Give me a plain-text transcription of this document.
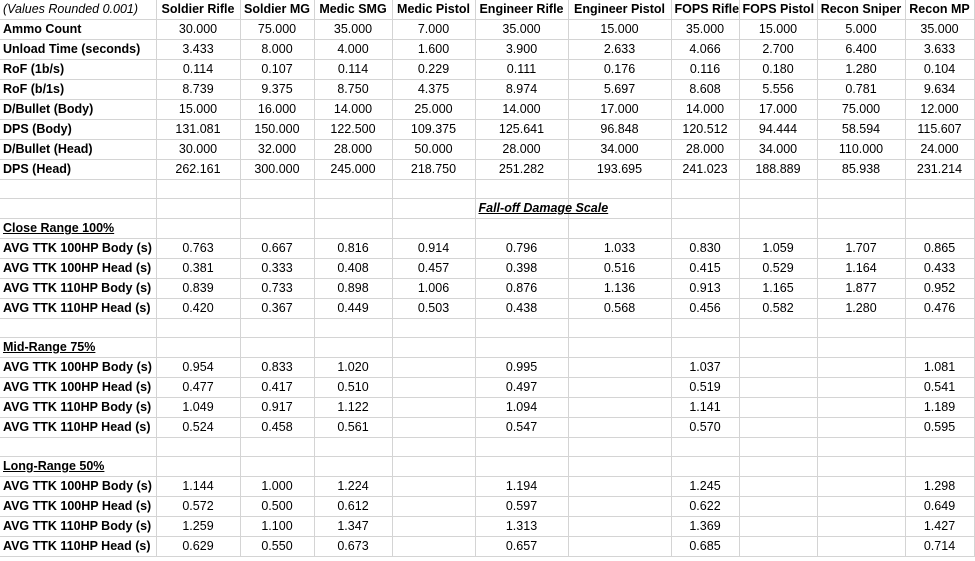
(Values Rounded 0.001)	Soldier Rifle	Soldier MG	Medic SMG	Medic Pistol	Engineer Rifle	Engineer Pistol	FOPS Rifle	FOPS Pistol	Recon Sniper	Recon MP
Ammo Count	30.000	75.000	35.000	7.000	35.000	15.000	35.000	15.000	5.000	35.000
Unload Time (seconds)	3.433	8.000	4.000	1.600	3.900	2.633	4.066	2.700	6.400	3.633
RoF (1b/s)	0.114	0.107	0.114	0.229	0.111	0.176	0.116	0.180	1.280	0.104
RoF (b/1s)	8.739	9.375	8.750	4.375	8.974	5.697	8.608	5.556	0.781	9.634
D/Bullet (Body)	15.000	16.000	14.000	25.000	14.000	17.000	14.000	17.000	75.000	12.000
DPS (Body)	131.081	150.000	122.500	109.375	125.641	96.848	120.512	94.444	58.594	115.607
D/Bullet (Head)	30.000	32.000	28.000	50.000	28.000	34.000	28.000	34.000	110.000	24.000
DPS (Head)	262.161	300.000	245.000	218.750	251.282	193.695	241.023	188.889	85.938	231.214

					Fall-off Damage Scale					
Close Range 100%										
AVG TTK 100HP Body (s)	0.763	0.667	0.816	0.914	0.796	1.033	0.830	1.059	1.707	0.865
AVG TTK 100HP Head (s)	0.381	0.333	0.408	0.457	0.398	0.516	0.415	0.529	1.164	0.433
AVG TTK 110HP Body (s)	0.839	0.733	0.898	1.006	0.876	1.136	0.913	1.165	1.877	0.952
AVG TTK 110HP Head (s)	0.420	0.367	0.449	0.503	0.438	0.568	0.456	0.582	1.280	0.476

Mid-Range 75%										
AVG TTK 100HP Body (s)	0.954	0.833	1.020		0.995		1.037			1.081
AVG TTK 100HP Head (s)	0.477	0.417	0.510		0.497		0.519			0.541
AVG TTK 110HP Body (s)	1.049	0.917	1.122		1.094		1.141			1.189
AVG TTK 110HP Head (s)	0.524	0.458	0.561		0.547		0.570			0.595

Long-Range 50%										
AVG TTK 100HP Body (s)	1.144	1.000	1.224		1.194		1.245			1.298
AVG TTK 100HP Head (s)	0.572	0.500	0.612		0.597		0.622			0.649
AVG TTK 110HP Body (s)	1.259	1.100	1.347		1.313		1.369			1.427
AVG TTK 110HP Head (s)	0.629	0.550	0.673		0.657		0.685			0.714
